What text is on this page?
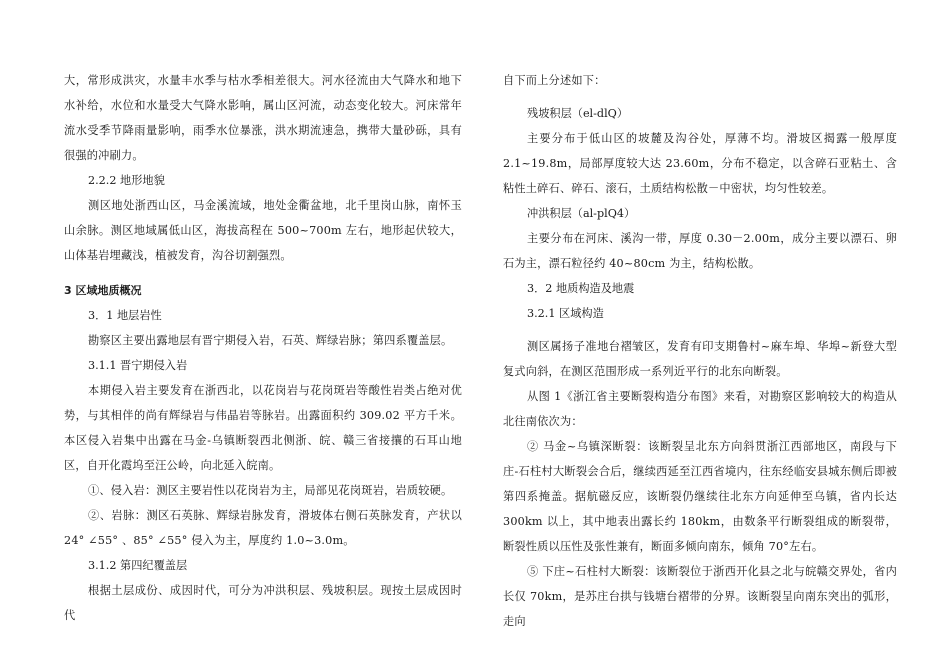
大，常形成洪灾，水量丰水季与枯水季相差很大。河水径流由大气降水和地下水补给，水位和水量受大气降水影响，属山区河流，动态变化较大。河床常年流水受季节降雨量影响，雨季水位暴涨，洪水期流速急，携带大量砂砾，具有很强的冲刷力。

2.2.2 地形地貌

测区地处浙西山区，马金溪流域，地处金衢盆地，北千里岗山脉，南怀玉山余脉。测区地域属低山区，海拔高程在 500~700m 左右，地形起伏较大，山体基岩埋藏浅，植被发育，沟谷切割强烈。

3 区域地质概况

3．1 地层岩性

勘察区主要出露地层有晋宁期侵入岩，石英、辉绿岩脉；第四系覆盖层。

3.1.1 晋宁期侵入岩

本期侵入岩主要发育在浙西北，以花岗岩与花岗斑岩等酸性岩类占绝对优势，与其相伴的尚有辉绿岩与伟晶岩等脉岩。出露面积约 309.02 平方千米。本区侵入岩集中出露在马金-乌镇断裂西北侧浙、皖、赣三省接攘的石耳山地区，自开化霞坞至汪公岭，向北延入皖南。

①、侵入岩：测区主要岩性以花岗岩为主，局部见花岗斑岩，岩质较硬。

②、岩脉：测区石英脉、辉绿岩脉发育，滑坡体右侧石英脉发育，产状以 24° ∠55° 、85° ∠55° 侵入为主，厚度约 1.0~3.0m。

3.1.2 第四纪覆盖层

根据土层成份、成因时代，可分为冲洪积层、残坡积层。现按土层成因时代

自下而上分述如下：

残坡积层（el-dlQ）

主要分布于低山区的坡麓及沟谷处，厚薄不均。滑坡区揭露一般厚度 2.1~19.8m，局部厚度较大达 23.60m，分布不稳定，以含碎石亚粘土、含粘性土碎石、碎石、滚石，土质结构松散－中密状，均匀性较差。

冲洪积层（al-plQ4）

主要分布在河床、溪沟一带，厚度 0.30－2.00m，成分主要以漂石、卵石为主，漂石粒径约 40~80cm 为主，结构松散。

3．2 地质构造及地震

3.2.1 区域构造

测区属扬子准地台褶皱区，发育有印支期鲁村~麻车埠、华埠~新登大型复式向斜，在测区范围形成一系列近平行的北东向断裂。

从图 1《浙江省主要断裂构造分布图》来看，对勘察区影响较大的构造从北往南依次为：

② 马金~乌镇深断裂：该断裂呈北东方向斜贯浙江西部地区，南段与下庄-石柱村大断裂会合后，继续西延至江西省境内，往东经临安县城东侧后即被第四系掩盖。据航磁反应，该断裂仍继续往北东方向延伸至乌镇，省内长达 300km 以上，其中地表出露长约 180km，由数条平行断裂组成的断裂带，断裂性质以压性及张性兼有，断面多倾向南东，倾角 70°左右。

⑤ 下庄~石柱村大断裂：该断裂位于浙西开化县之北与皖赣交界处，省内长仅 70km，是苏庄台拱与钱塘台褶带的分界。该断裂呈向南东突出的弧形，走向
